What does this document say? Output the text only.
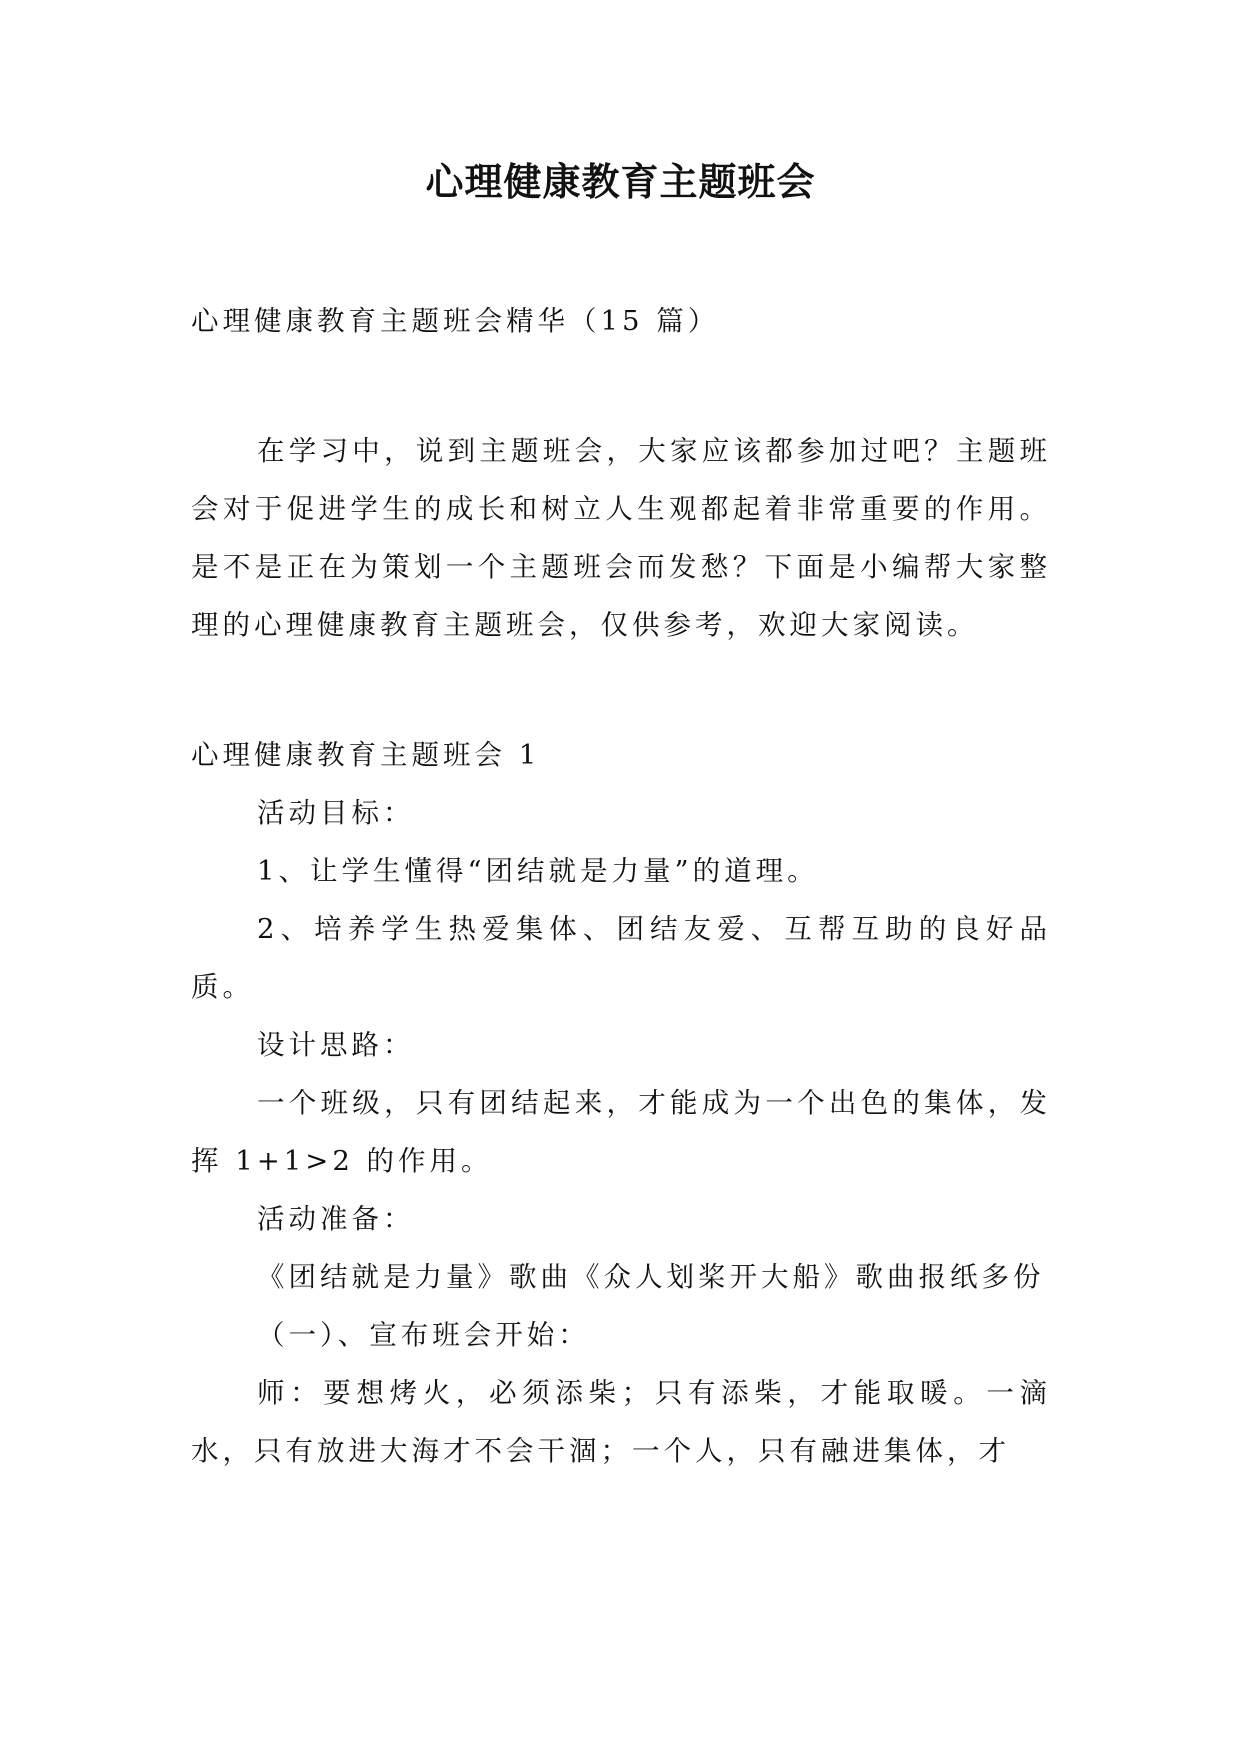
心理健康教育主题班会

心理健康教育主题班会精华（15 篇）

在学习中，说到主题班会，大家应该都参加过吧？主题班会对于促进学生的成长和树立人生观都起着非常重要的作用。是不是正在为策划一个主题班会而发愁？下面是小编帮大家整理的心理健康教育主题班会，仅供参考，欢迎大家阅读。

心理健康教育主题班会 1

活动目标：

1、让学生懂得“团结就是力量”的道理。

2、培养学生热爱集体、团结友爱、互帮互助的良好品质。

设计思路：

一个班级，只有团结起来，才能成为一个出色的集体，发挥 1+1>2 的作用。

活动准备：

《团结就是力量》歌曲《众人划桨开大船》歌曲报纸多份

（一）、宣布班会开始：

师：要想烤火，必须添柴；只有添柴，才能取暖。一滴水，只有放进大海才不会干涸；一个人，只有融进集体，才
